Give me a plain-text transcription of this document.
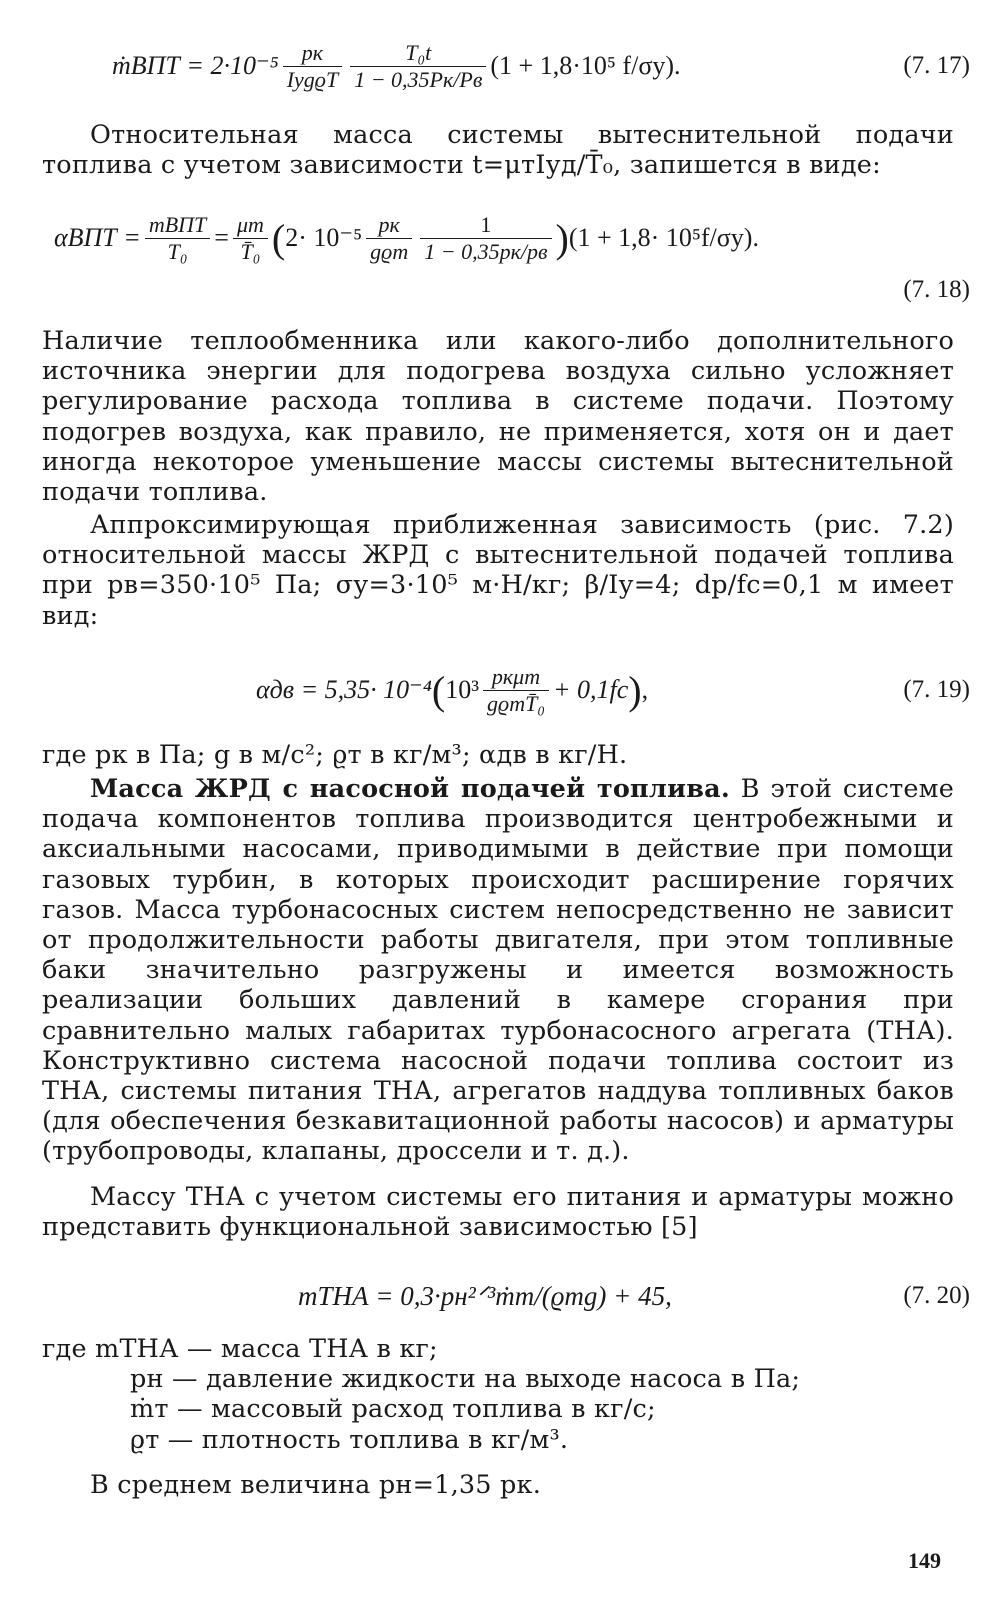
ṁВПТ = $2\cdot 10^{-5} \frac{pк}{\text{IуgϱT}} \frac{\text{T₀t}}{1 - 0,35Pк/Pв} (1 + 1,8\cdot 10^5$ f/σу).	(7. 17)
Относительная масса системы вытеснительной подачи топлива с учетом зависимости t=μтIуд/T̄₀, запишется в виде:
$\alpha ВПТ = \frac{\text{mВПТ}}{\text{T₀}} = \frac{\mu т}{\text{T̄₀}}$ ( $2\cdot 10^{-5} \frac{pк}{\text{gϱт}} \frac{1}{1 - 0,35pк/pв}$ ) (1 + 1,8· 10⁵f/σу).
(7. 18)
Наличие теплообменника или какого-либо дополнительного источника энергии для подогрева воздуха сильно усложняет регулирование расхода топлива в системе подачи. Поэтому подогрев воздуха, как правило, не применяется, хотя он и дает иногда некоторое уменьшение массы системы вытеснительной подачи топлива.
Аппроксимирующая приближенная зависимость (рис. 7.2) относительной массы ЖРД с вытеснительной подачей топлива при pв=350·10⁵ Па; σу=3·10⁵ м·Н/кг; β/Iу=4; dр/fс=0,1 м имеет вид:
αдв = 5,35· 10⁻⁴ ( $10^3 \frac{\text{pкμт}}{\text{gϱтT̄₀}} + 0,1fс$ ) ,	(7. 19)
где pк в Па; g в м/с²; ϱт в кг/м³; αдв в кг/Н.
Масса ЖРД с насосной подачей топлива. В этой системе подача компонентов топлива производится центробежными и аксиальными насосами, приводимыми в действие при помощи газовых турбин, в которых происходит расширение горячих газов. Масса турбонасосных систем непосредственно не зависит от продолжительности работы двигателя, при этом топливные баки значительно разгружены и имеется возможность реализации больших давлений в камере сгорания при сравнительно малых габаритах турбонасосного агрегата (ТНА). Конструктивно система насосной подачи топлива состоит из ТНА, системы питания ТНА, агрегатов наддува топливных баков (для обеспечения безкавитационной работы насосов) и арматуры (трубопроводы, клапаны, дроссели и т. д.).
Массу ТНА с учетом системы его питания и арматуры можно представить функциональной зависимостью [5]
mТНА = 0,3·pн²ᐟ³ṁт/(ϱтg) + 45,	(7. 20)
где mТНА — масса ТНА в кг;
pн — давление жидкости на выходе насоса в Па;
ṁт — массовый расход топлива в кг/с;
ϱт — плотность топлива в кг/м³.
В среднем величина pн=1,35 pк.
149
